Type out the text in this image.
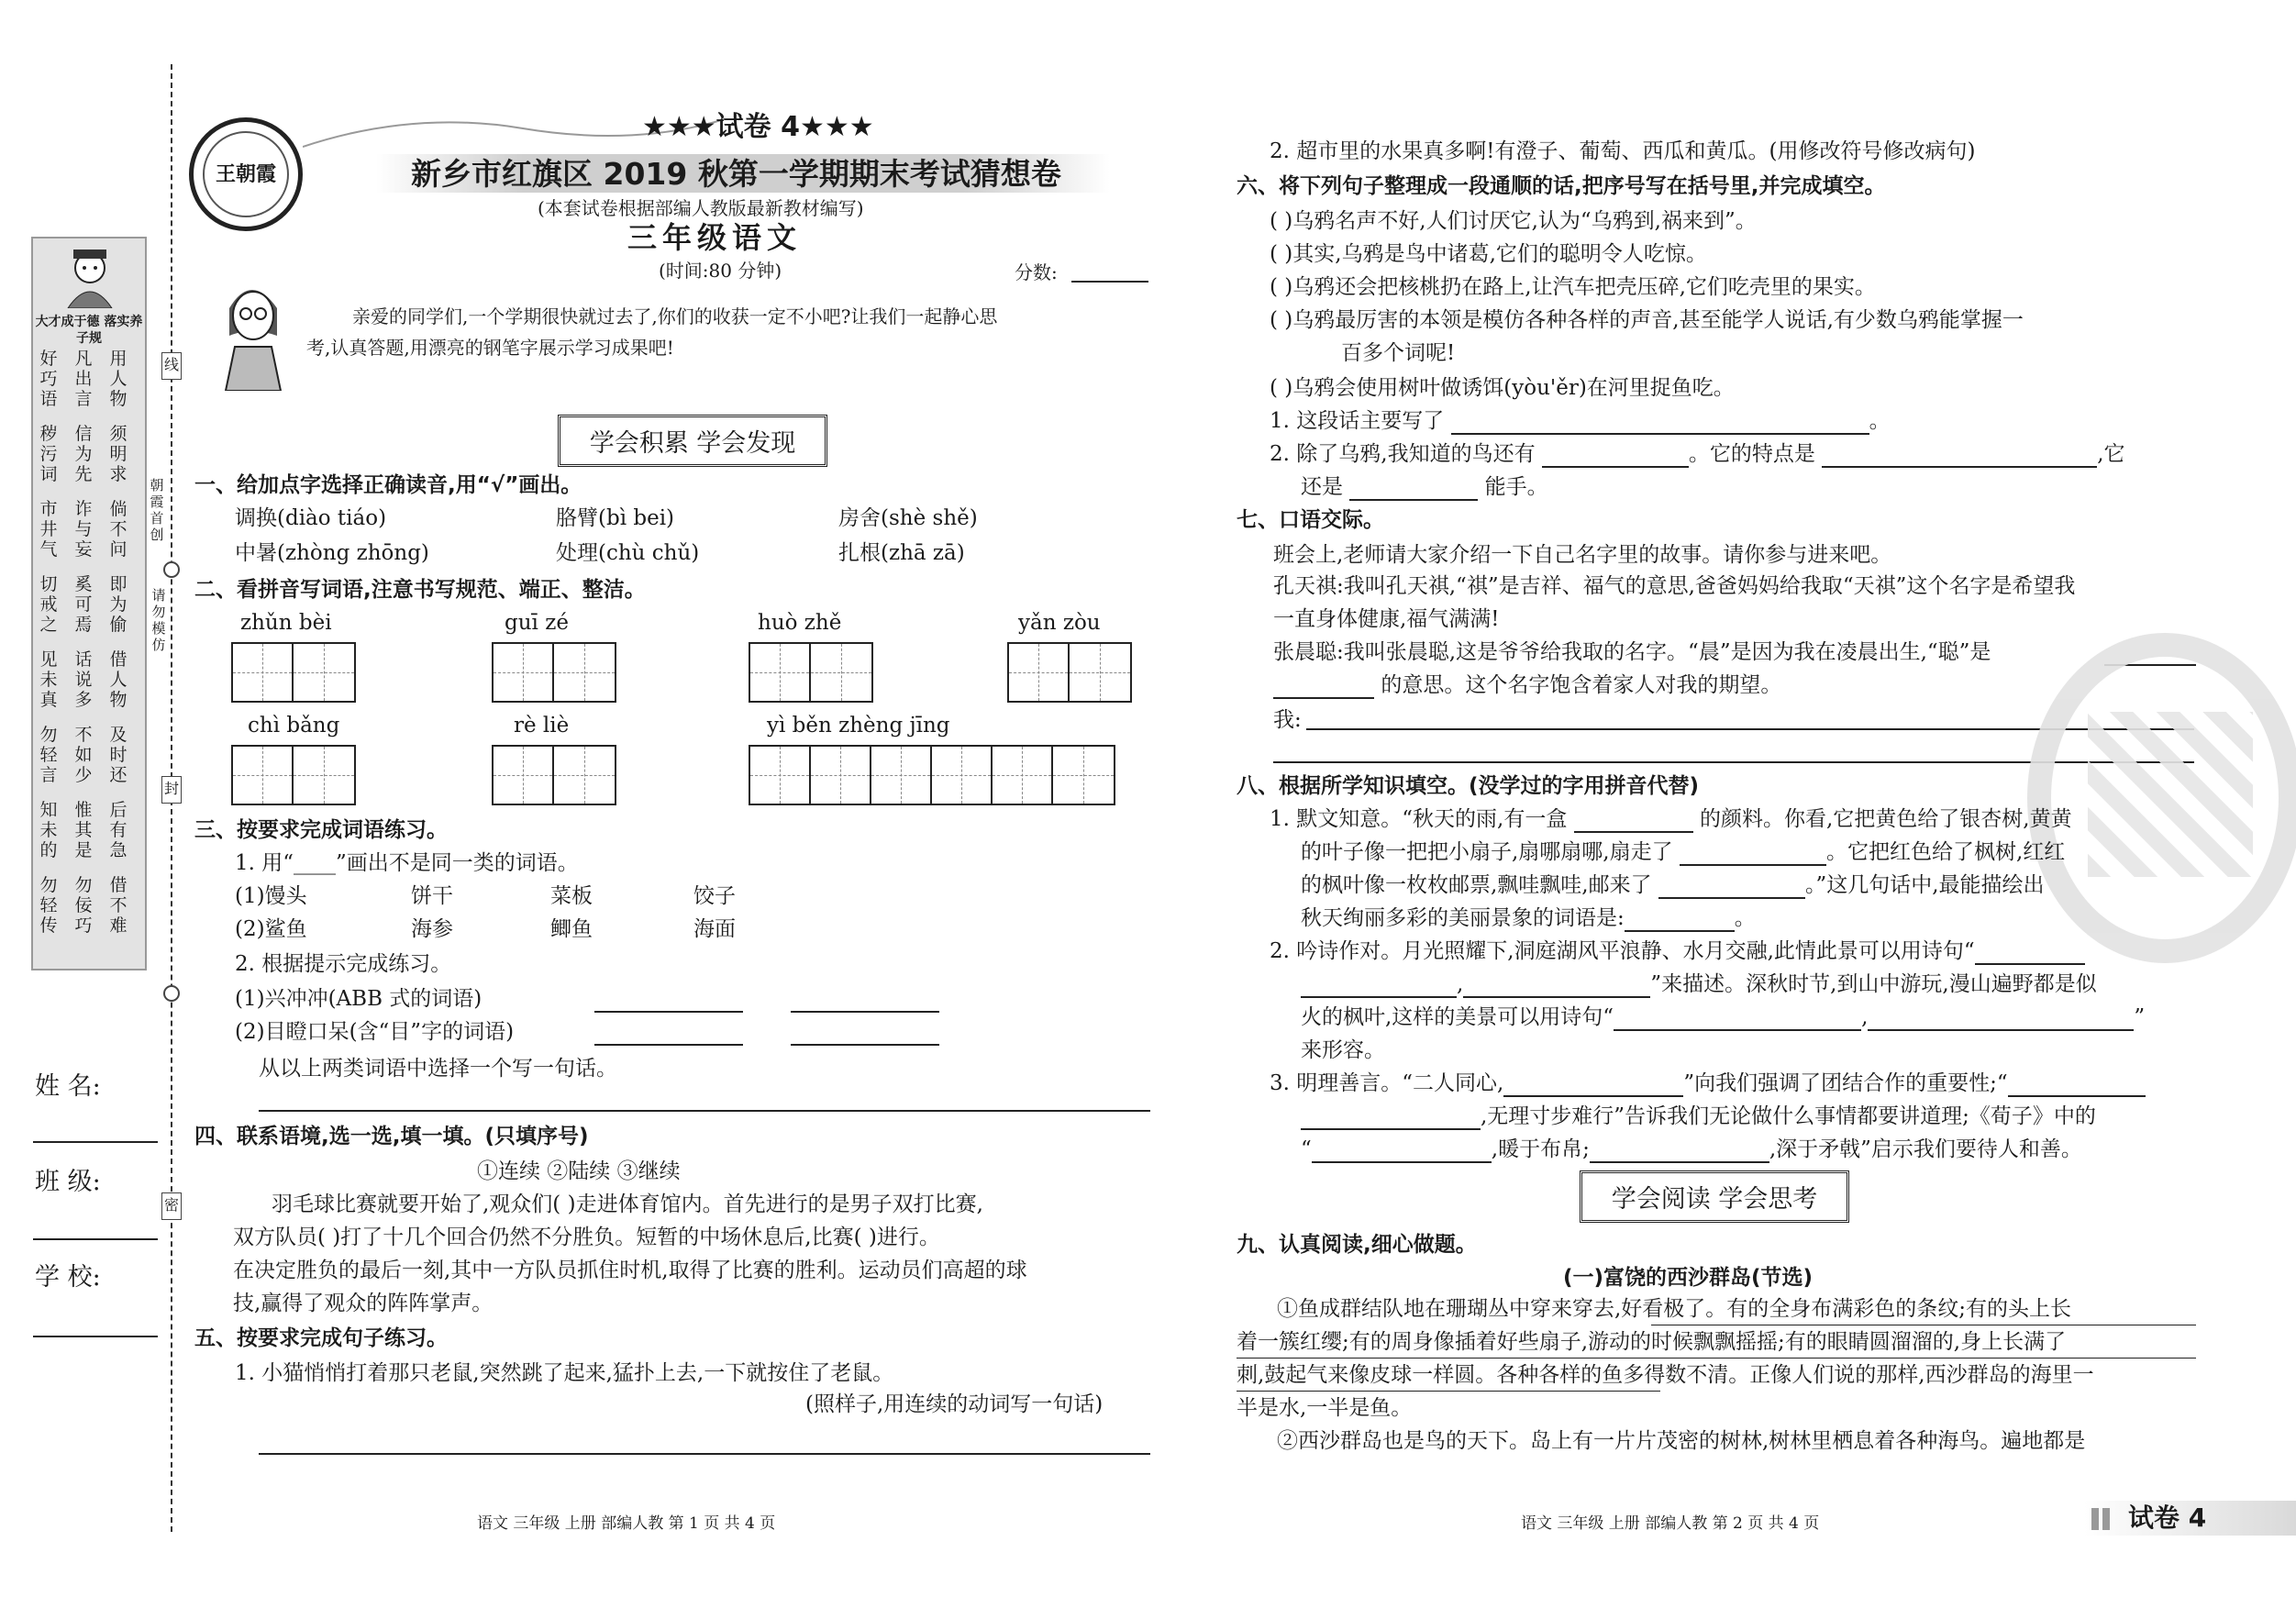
大才成于德 落实养子规
好巧语
凡出言
用人物
秽污词
信为先
须明求
市井气
诈与妄
倘不问
切戒之
奚可焉
即为偷
见未真
话说多
借人物
勿轻言
不如少
及时还
知未的
惟其是
后有急
勿轻传
勿佞巧
借不难
姓 名:
班 级:
学 校:
朝霞首创
请勿模仿
线
封
密
王朝霞
★★★试卷 4★★★
新乡市红旗区 2019 秋第一学期期末考试猜想卷
(本套试卷根据部编人教版最新教材编写)
三年级语文
(时间:80 分钟)	分数:
亲爱的同学们,一个学期很快就过去了,你们的收获一定不小吧?让我们一起静心思
考,认真答题,用漂亮的钢笔字展示学习成果吧!
学会积累 学会发现
一、给加点字选择正确读音,用“√”画出。
调换(diào tiáo)	胳臂(bì bei)	房舍(shè shě)
中暑(zhòng zhōng)	处理(chù chǔ)	扎根(zhā zā)
二、看拼音写词语,注意书写规范、端正、整洁。
zhǔn bèi	guī zé	huò zhě	yǎn zòu
chì bǎng	rè liè	yì běn zhèng jīng
三、按要求完成词语练习。
1. 用“____”画出不是同一类的词语。
(1)馒头	饼干	菜板	饺子
(2)鲨鱼	海参	鲫鱼	海面
2. 根据提示完成练习。
(1)兴冲冲(ABB 式的词语)
(2)目瞪口呆(含“目”字的词语)
从以上两类词语中选择一个写一句话。
四、联系语境,选一选,填一填。(只填序号)
①连续 ②陆续 ③继续
羽毛球比赛就要开始了,观众们( )走进体育馆内。首先进行的是男子双打比赛,
双方队员( )打了十几个回合仍然不分胜负。短暂的中场休息后,比赛( )进行。
在决定胜负的最后一刻,其中一方队员抓住时机,取得了比赛的胜利。运动员们高超的球
技,赢得了观众的阵阵掌声。
五、按要求完成句子练习。
1. 小猫悄悄打着那只老鼠,突然跳了起来,猛扑上去,一下就按住了老鼠。
(照样子,用连续的动词写一句话)
语文 三年级 上册 部编人教 第 1 页 共 4 页
2. 超市里的水果真多啊!有澄子、葡萄、西瓜和黄瓜。(用修改符号修改病句)
六、将下列句子整理成一段通顺的话,把序号写在括号里,并完成填空。
( )乌鸦名声不好,人们讨厌它,认为“乌鸦到,祸来到”。
( )其实,乌鸦是鸟中诸葛,它们的聪明令人吃惊。
( )乌鸦还会把核桃扔在路上,让汽车把壳压碎,它们吃壳里的果实。
( )乌鸦最厉害的本领是模仿各种各样的声音,甚至能学人说话,有少数乌鸦能掌握一
百多个词呢!
( )乌鸦会使用树叶做诱饵(yòu'ěr)在河里捉鱼吃。
1. 这段话主要写了	。
2. 除了乌鸦,我知道的鸟还有	。它的特点是	,它
还是	能手。
七、口语交际。
班会上,老师请大家介绍一下自己名字里的故事。请你参与进来吧。
孔天祺:我叫孔天祺,“祺”是吉祥、福气的意思,爸爸妈妈给我取“天祺”这个名字是希望我
一直身体健康,福气满满!
张晨聪:我叫张晨聪,这是爷爷给我取的名字。“晨”是因为我在凌晨出生,“聪”是
的意思。这个名字饱含着家人对我的期望。
我:
八、根据所学知识填空。(没学过的字用拼音代替)
1. 默文知意。“秋天的雨,有一盒	的颜料。你看,它把黄色给了银杏树,黄黄
的叶子像一把把小扇子,扇哪扇哪,扇走了	。它把红色给了枫树,红红
的枫叶像一枚枚邮票,飘哇飘哇,邮来了	。”这几句话中,最能描绘出
秋天绚丽多彩的美丽景象的词语是:	。
2. 吟诗作对。月光照耀下,洞庭湖风平浪静、水月交融,此情此景可以用诗句“
,	”来描述。深秋时节,到山中游玩,漫山遍野都是似
火的枫叶,这样的美景可以用诗句“	,	”
来形容。
3. 明理善言。“二人同心,	”向我们强调了团结合作的重要性;“
,无理寸步难行”告诉我们无论做什么事情都要讲道理;《荀子》中的
“	,暖于布帛;	,深于矛戟”启示我们要待人和善。
学会阅读 学会思考
九、认真阅读,细心做题。
(一)富饶的西沙群岛(节选)
①鱼成群结队地在珊瑚丛中穿来穿去,好看极了。有的全身布满彩色的条纹;有的头上长
着一簇红缨;有的周身像插着好些扇子,游动的时候飘飘摇摇;有的眼睛圆溜溜的,身上长满了
刺,鼓起气来像皮球一样圆。各种各样的鱼多得数不清。正像人们说的那样,西沙群岛的海里一
半是水,一半是鱼。
②西沙群岛也是鸟的天下。岛上有一片片茂密的树林,树林里栖息着各种海鸟。遍地都是
语文 三年级 上册 部编人教 第 2 页 共 4 页	试卷 4
